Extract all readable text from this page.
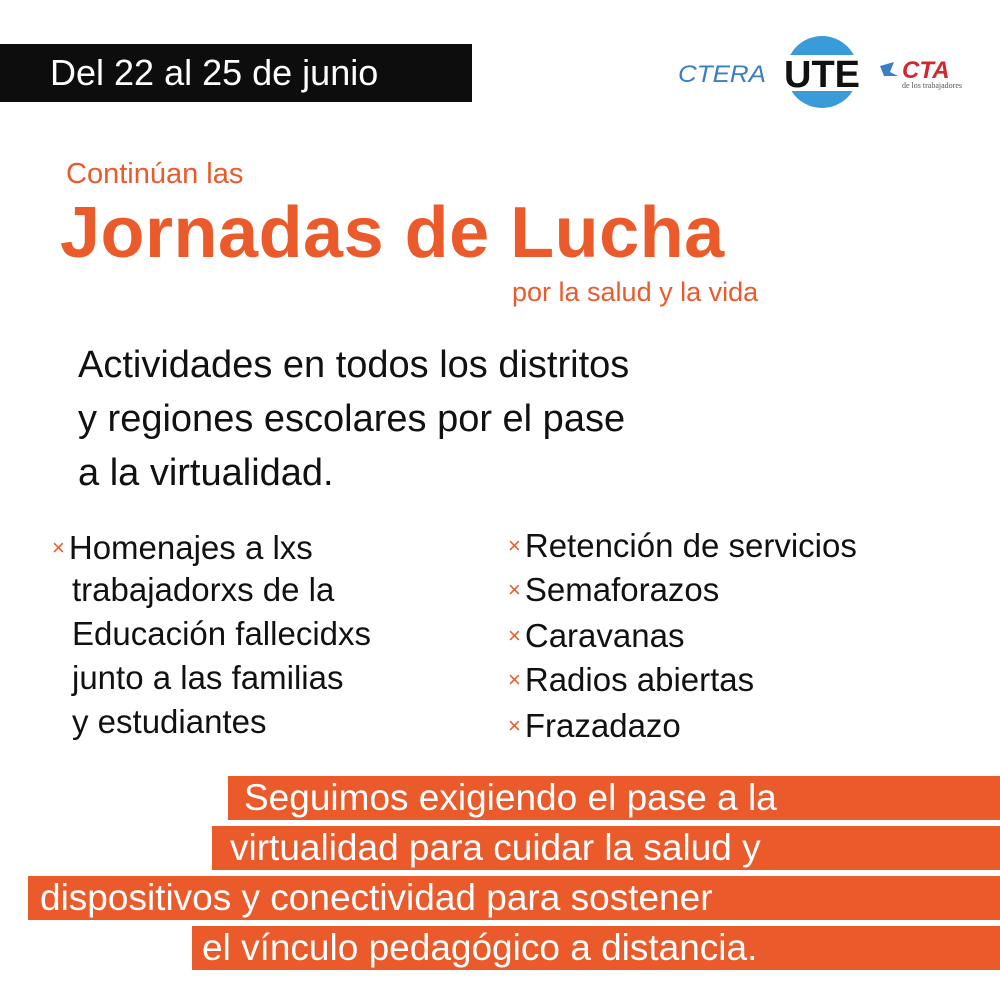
Del 22 al 25 de junio	CTERA UTE CTA
de los trabajadores
Continúan las
Jornadas de Lucha
por la salud y la vida
Actividades en todos los distritos
y regiones escolares por el pase
a la virtualidad.
× Homenajes a lxs
trabajadorxs de la
Educación fallecidxs
junto a las familias
y estudiantes
× Retención de servicios
× Semaforazos
× Caravanas
× Radios abiertas
× Frazadazo
Seguimos exigiendo el pase a la
virtualidad para cuidar la salud y
dispositivos y conectividad para sostener
el vínculo pedagógico a distancia.
